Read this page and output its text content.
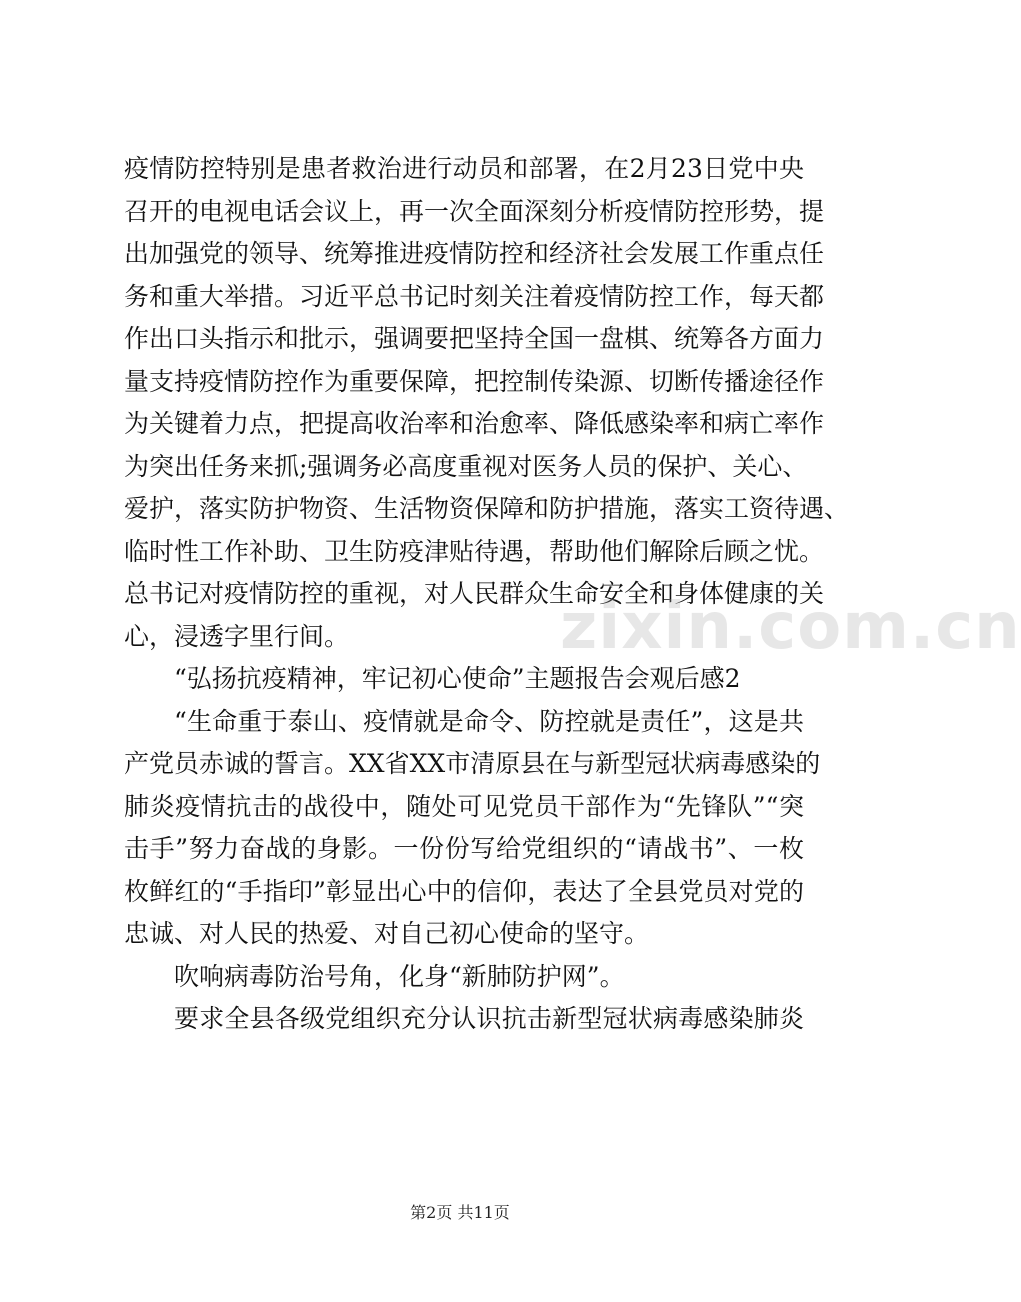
疫情防控特别是患者救治进行动员和部署，在2月23日党中央
召开的电视电话会议上，再一次全面深刻分析疫情防控形势，提
出加强党的领导、统筹推进疫情防控和经济社会发展工作重点任
务和重大举措。习近平总书记时刻关注着疫情防控工作，每天都
作出口头指示和批示，强调要把坚持全国一盘棋、统筹各方面力
量支持疫情防控作为重要保障，把控制传染源、切断传播途径作
为关键着力点，把提高收治率和治愈率、降低感染率和病亡率作
为突出任务来抓;强调务必高度重视对医务人员的保护、关心、
爱护，落实防护物资、生活物资保障和防护措施，落实工资待遇、
临时性工作补助、卫生防疫津贴待遇，帮助他们解除后顾之忧。
总书记对疫情防控的重视，对人民群众生命安全和身体健康的关
心，浸透字里行间。
“弘扬抗疫精神，牢记初心使命”主题报告会观后感2
“生命重于泰山、疫情就是命令、防控就是责任”，这是共
产党员赤诚的誓言。XX省XX市清原县在与新型冠状病毒感染的
肺炎疫情抗击的战役中，随处可见党员干部作为“先锋队”“突
击手”努力奋战的身影。一份份写给党组织的“请战书”、一枚
枚鲜红的“手指印”彰显出心中的信仰，表达了全县党员对党的
忠诚、对人民的热爱、对自己初心使命的坚守。
吹响病毒防治号角，化身“新肺防护网”。
要求全县各级党组织充分认识抗击新型冠状病毒感染肺炎
zixin.com.cn
第2页 共11页
